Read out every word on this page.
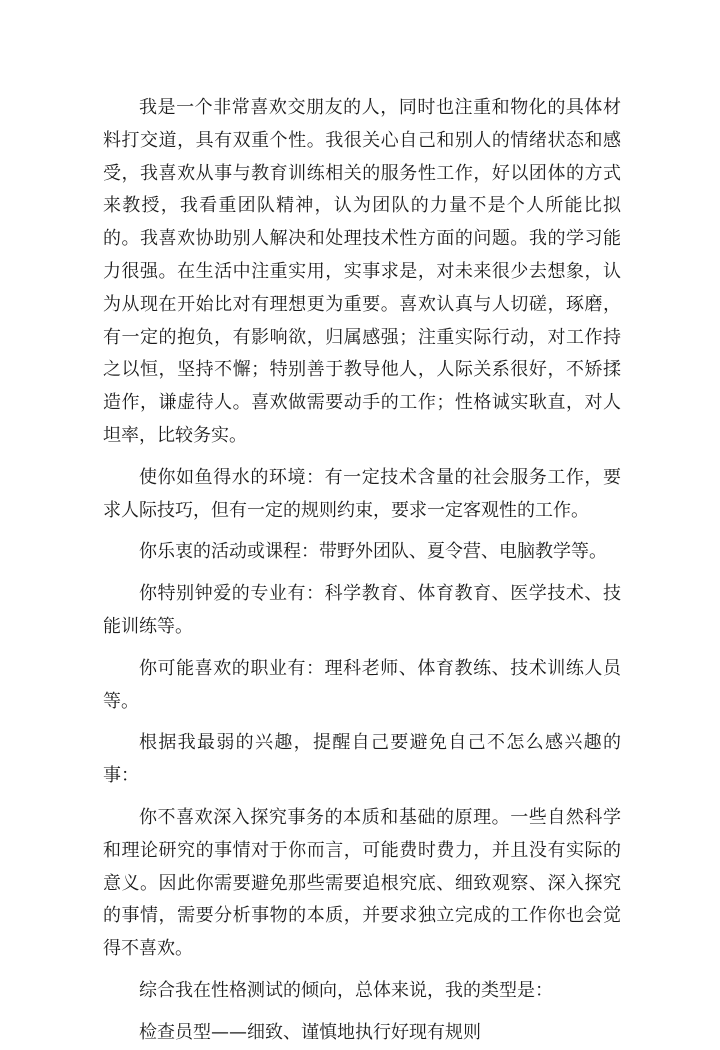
我是一个非常喜欢交朋友的人，同时也注重和物化的具体材料打交道，具有双重个性。我很关心自己和别人的情绪状态和感受，我喜欢从事与教育训练相关的服务性工作，好以团体的方式来教授，我看重团队精神，认为团队的力量不是个人所能比拟的。我喜欢协助别人解决和处理技术性方面的问题。我的学习能力很强。在生活中注重实用，实事求是，对未来很少去想象，认为从现在开始比对有理想更为重要。喜欢认真与人切磋，琢磨，有一定的抱负，有影响欲，归属感强；注重实际行动，对工作持之以恒，坚持不懈；特别善于教导他人，人际关系很好，不矫揉造作，谦虚待人。喜欢做需要动手的工作；性格诚实耿直，对人坦率，比较务实。

使你如鱼得水的环境：有一定技术含量的社会服务工作，要求人际技巧，但有一定的规则约束，要求一定客观性的工作。

你乐衷的活动或课程：带野外团队、夏令营、电脑教学等。

你特别钟爱的专业有：科学教育、体育教育、医学技术、技能训练等。

你可能喜欢的职业有：理科老师、体育教练、技术训练人员等。

根据我最弱的兴趣，提醒自己要避免自己不怎么感兴趣的事：

你不喜欢深入探究事务的本质和基础的原理。一些自然科学和理论研究的事情对于你而言，可能费时费力，并且没有实际的意义。因此你需要避免那些需要追根究底、细致观察、深入探究的事情，需要分析事物的本质，并要求独立完成的工作你也会觉得不喜欢。

综合我在性格测试的倾向，总体来说，我的类型是：

检查员型——细致、谨慎地执行好现有规则
